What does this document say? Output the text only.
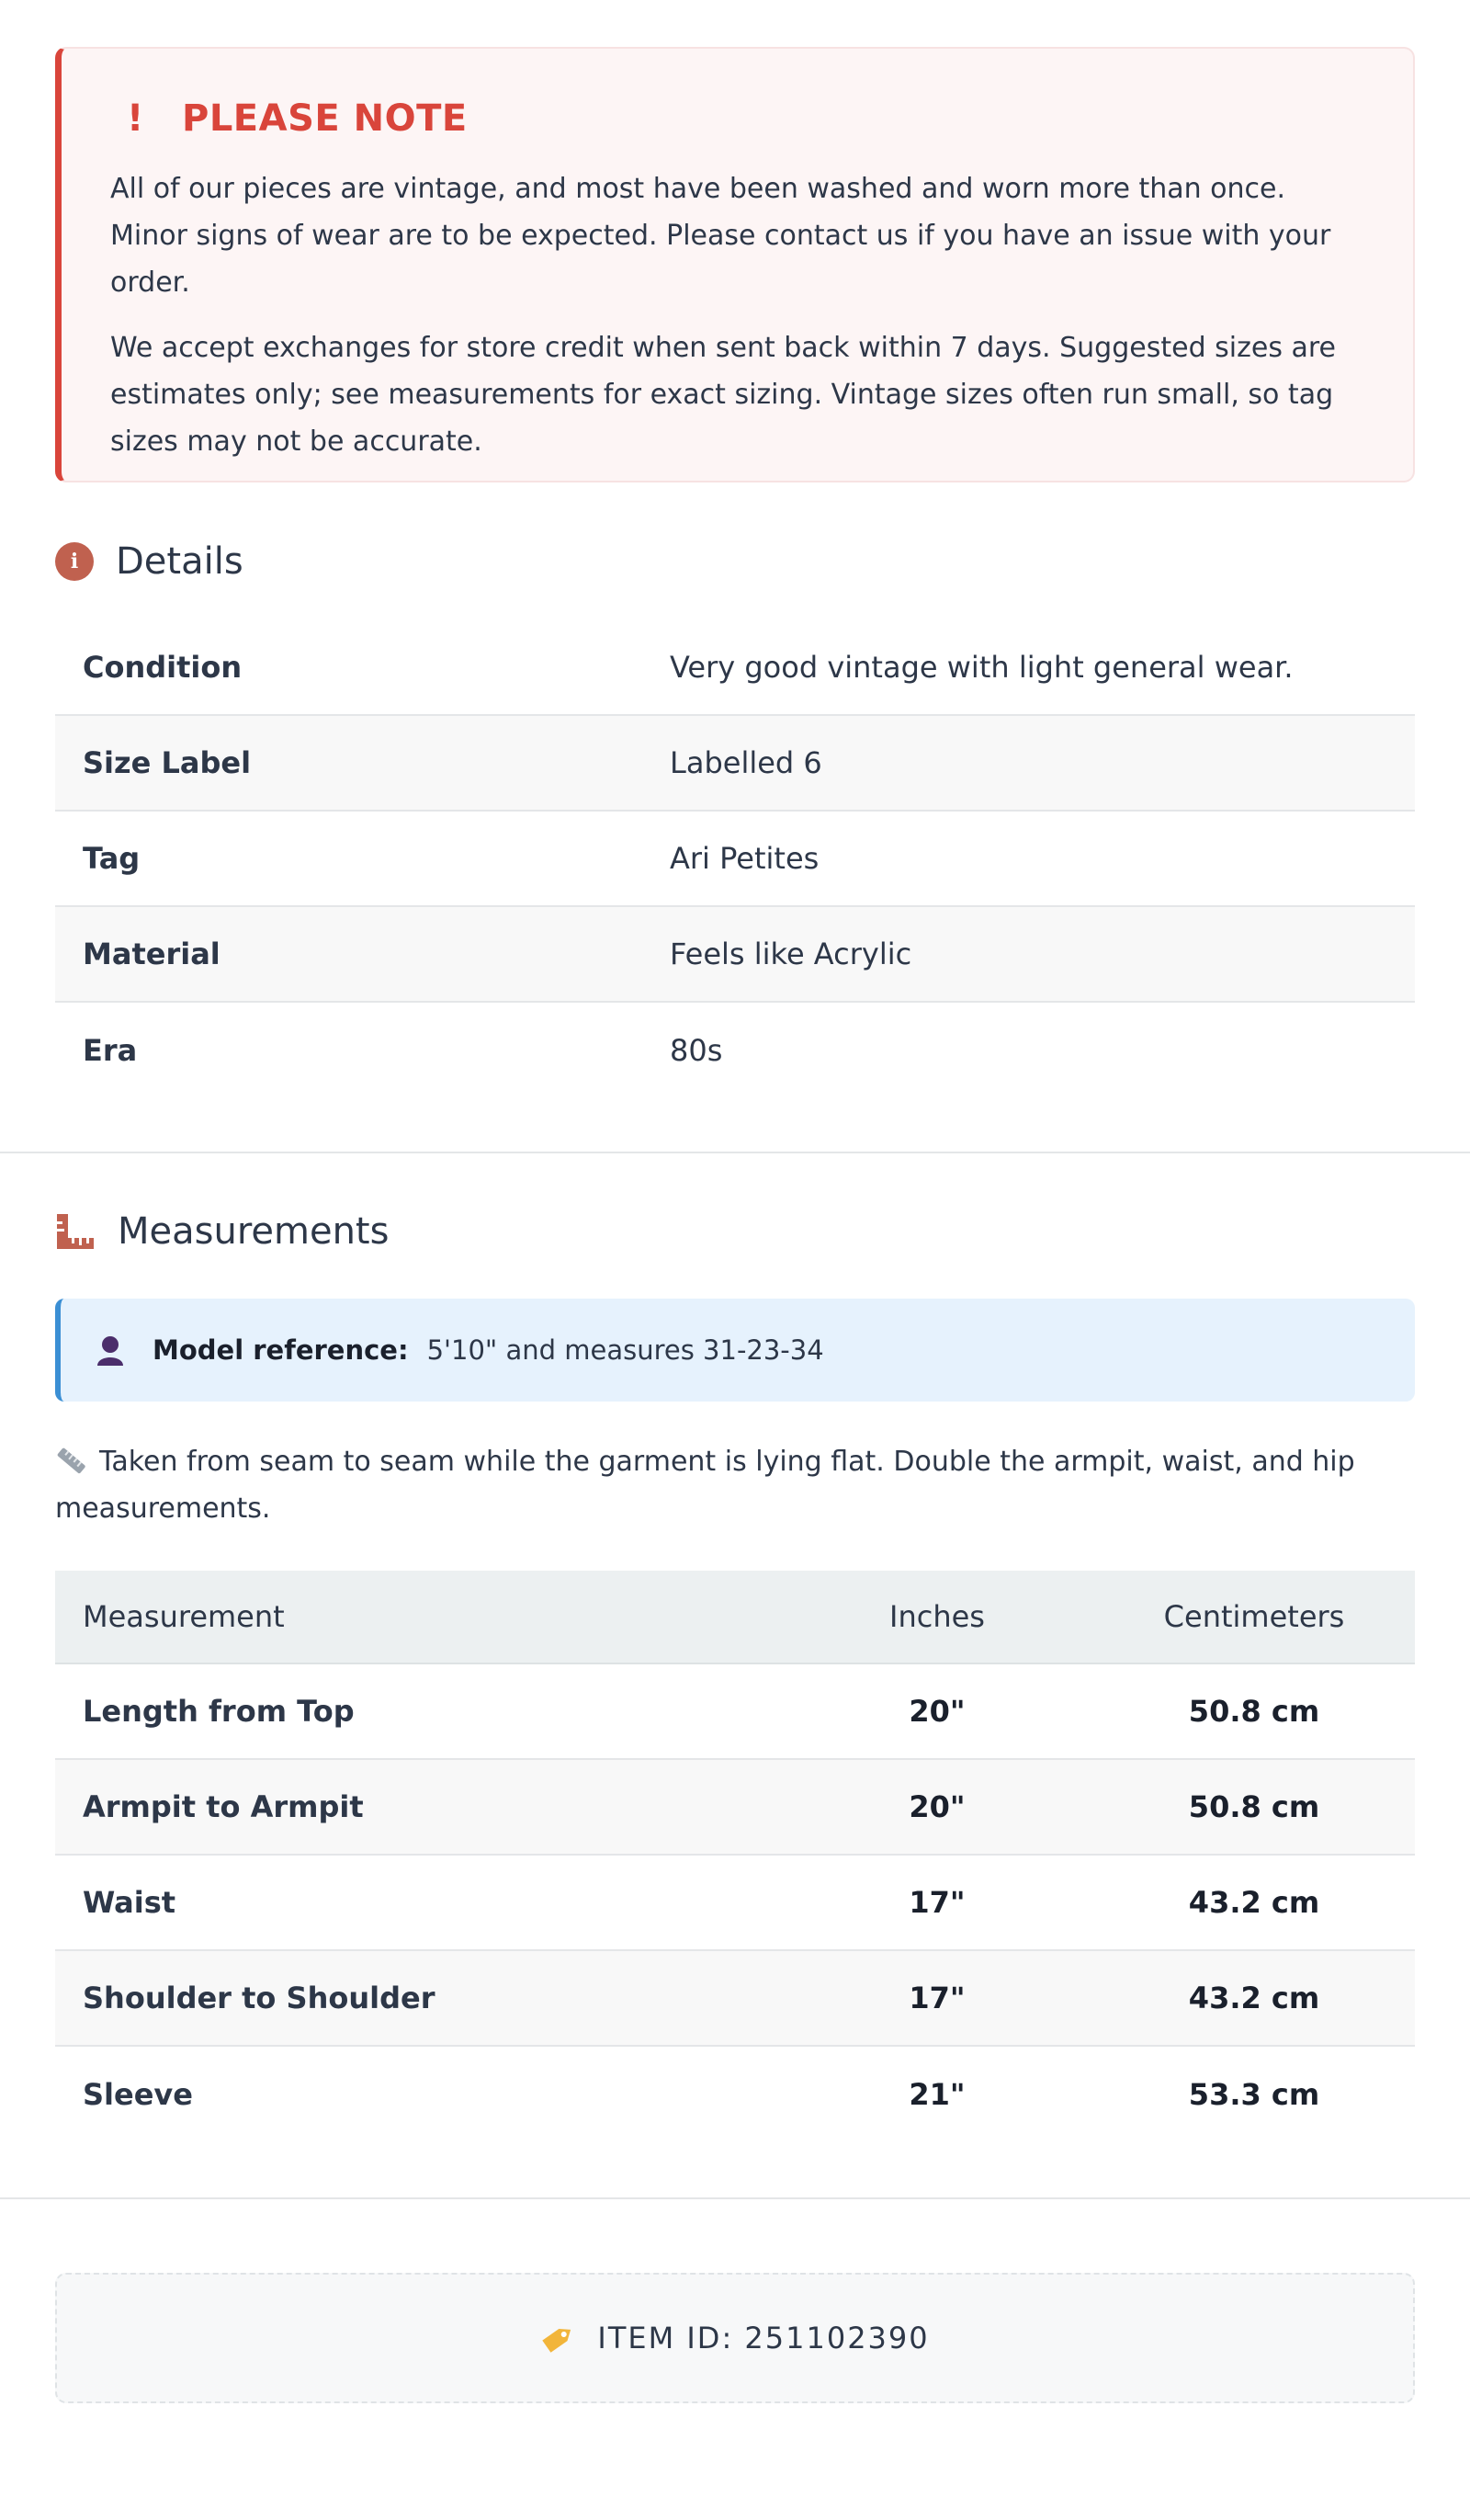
!	PLEASE NOTE

All of our pieces are vintage, and most have been washed and worn more than once. Minor signs of wear are to be expected. Please contact us if you have an issue with your order.

We accept exchanges for store credit when sent back within 7 days. Suggested sizes are estimates only; see measurements for exact sizing. Vintage sizes often run small, so tag sizes may not be accurate.

i	Details
Condition	Very good vintage with light general wear.
Size Label	Labelled 6
Tag	Ari Petites
Material	Feels like Acrylic
Era	80s
Measurements
Model reference: 5'10" and measures 31-23-34
Taken from seam to seam while the garment is lying flat. Double the armpit, waist, and hip measurements.
Measurement	Inches	Centimeters
Length from Top	20"	50.8 cm
Armpit to Armpit	20"	50.8 cm
Waist	17"	43.2 cm
Shoulder to Shoulder	17"	43.2 cm
Sleeve	21"	53.3 cm
ITEM ID: 251102390
